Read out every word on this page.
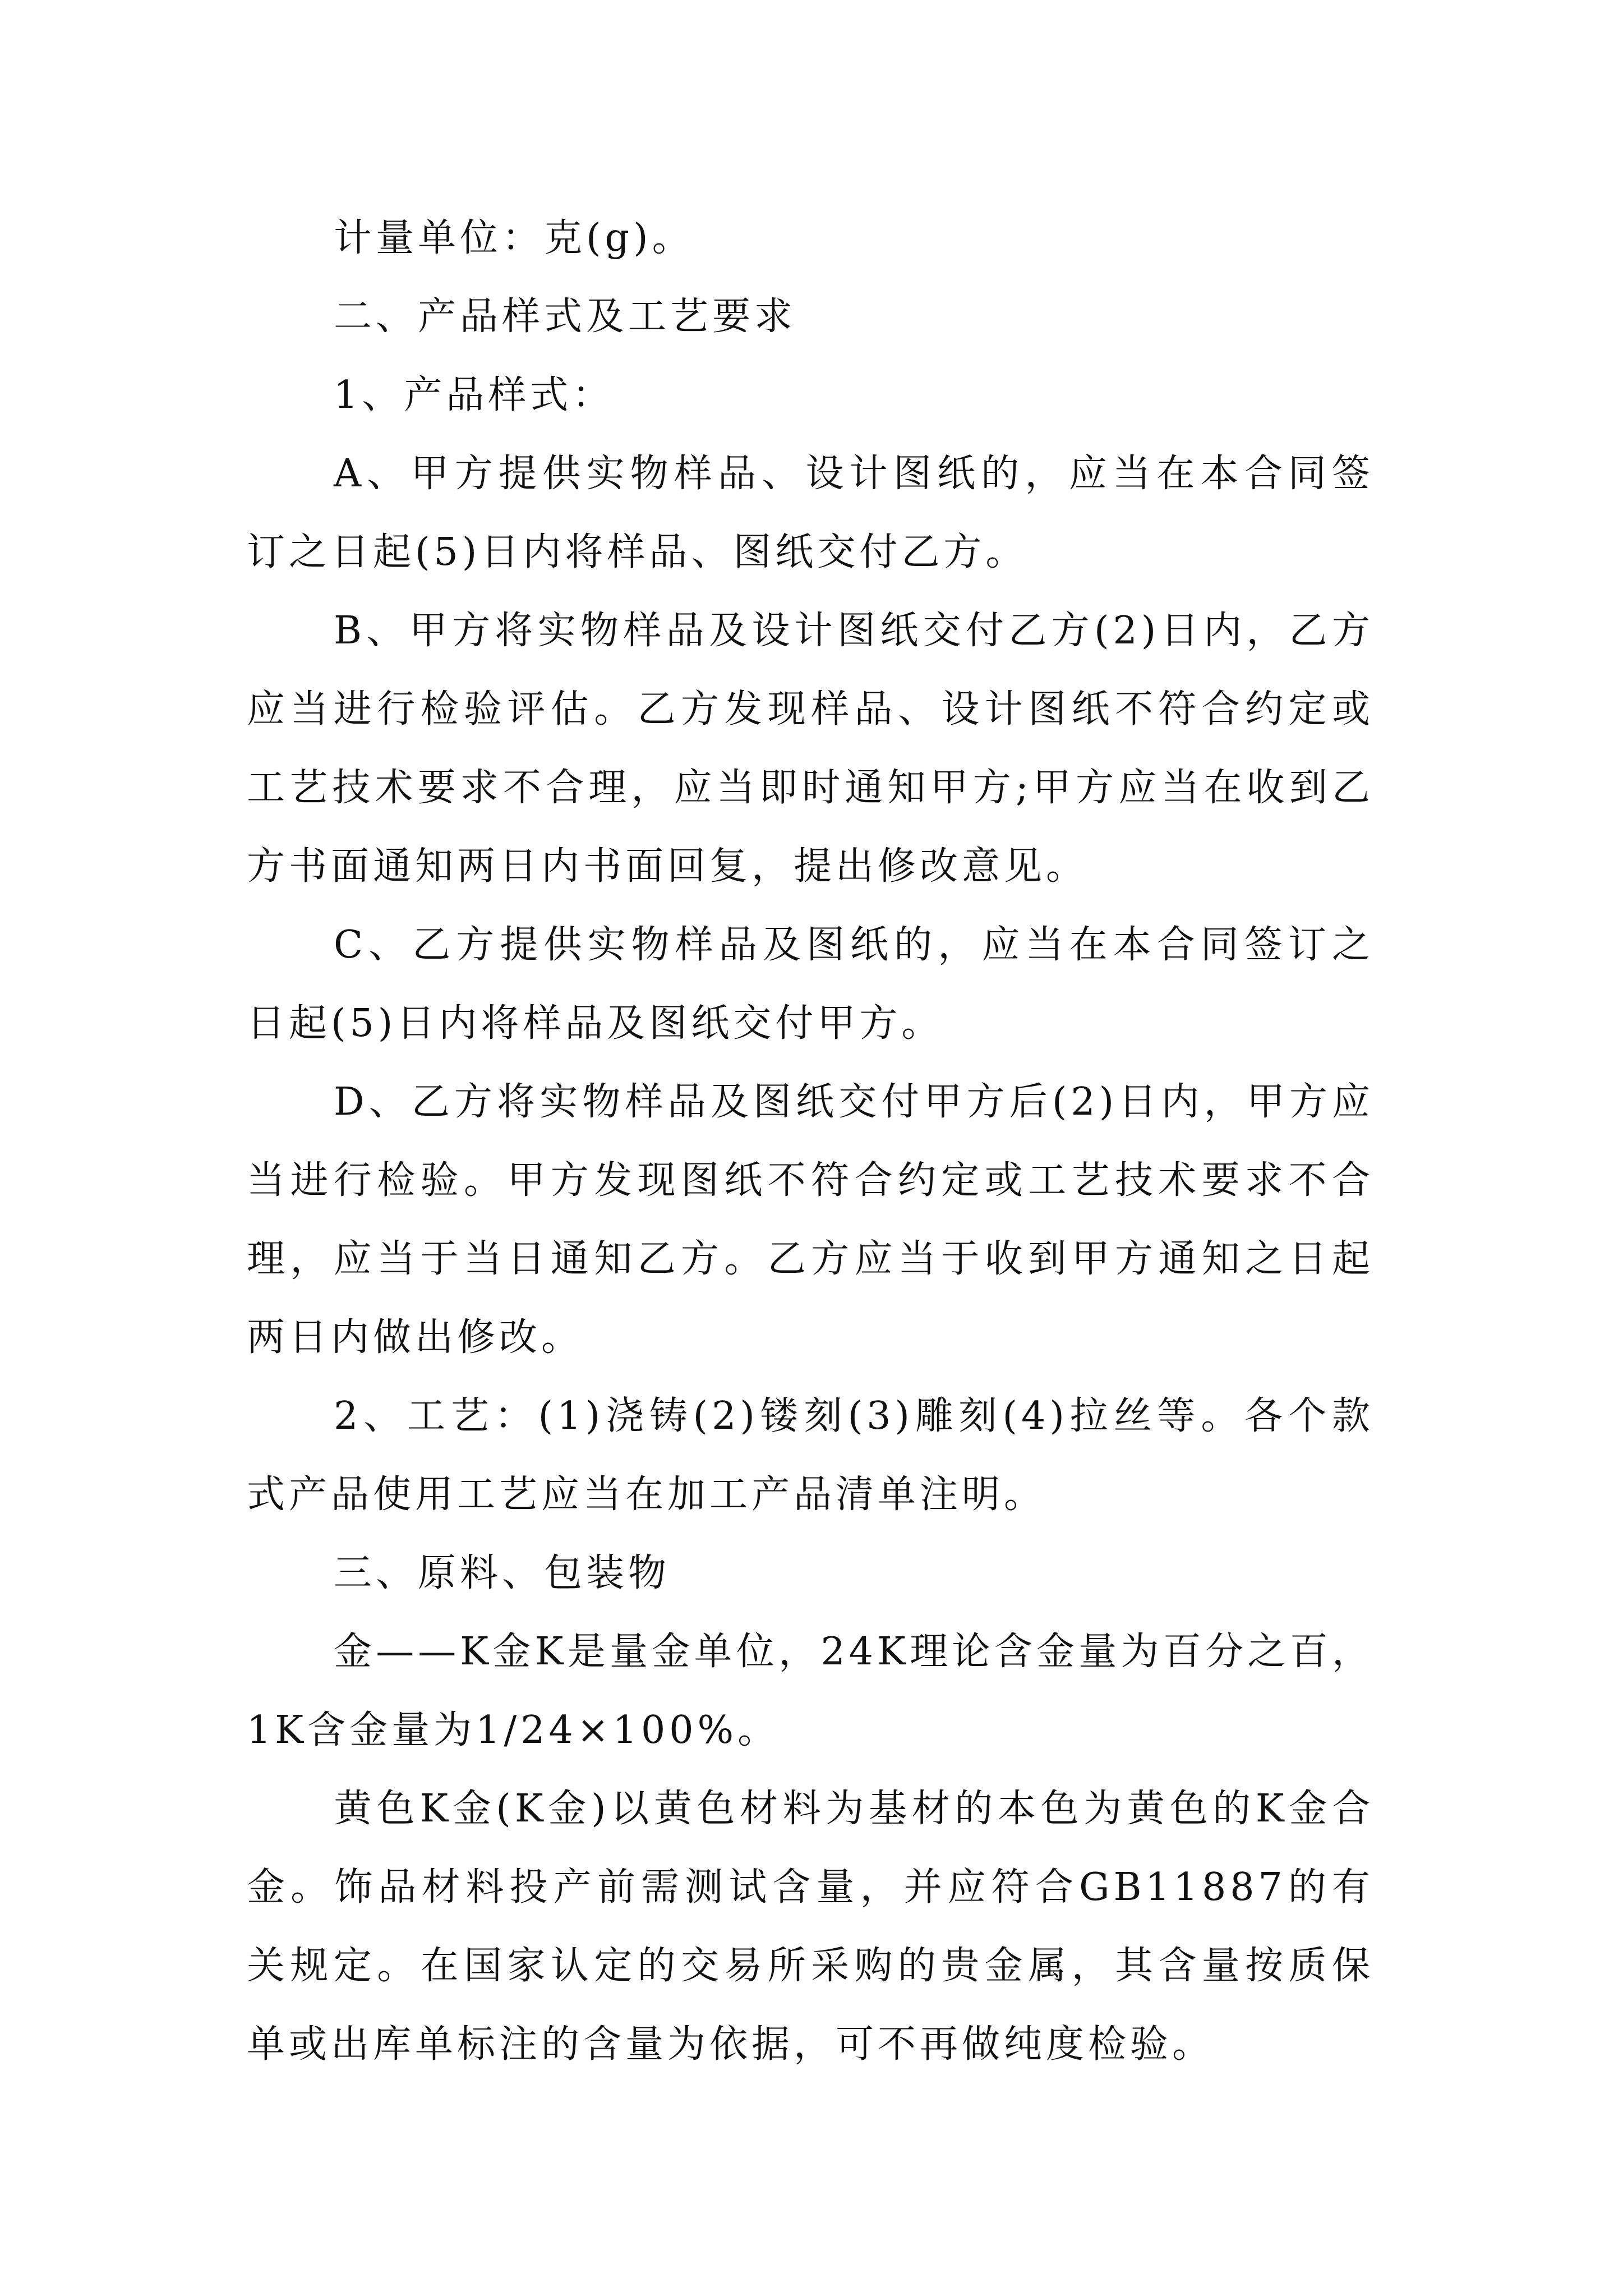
计量单位：克(g)。

二、产品样式及工艺要求

1、产品样式：

A、甲方提供实物样品、设计图纸的，应当在本合同签订之日起(5)日内将样品、图纸交付乙方。

B、甲方将实物样品及设计图纸交付乙方(2)日内，乙方应当进行检验评估。乙方发现样品、设计图纸不符合约定或工艺技术要求不合理，应当即时通知甲方;甲方应当在收到乙方书面通知两日内书面回复，提出修改意见。

C、乙方提供实物样品及图纸的，应当在本合同签订之日起(5)日内将样品及图纸交付甲方。

D、乙方将实物样品及图纸交付甲方后(2)日内，甲方应当进行检验。甲方发现图纸不符合约定或工艺技术要求不合理，应当于当日通知乙方。乙方应当于收到甲方通知之日起两日内做出修改。

2、工艺：(1)浇铸(2)镂刻(3)雕刻(4)拉丝等。各个款式产品使用工艺应当在加工产品清单注明。

三、原料、包装物

金——K金K是量金单位，24K理论含金量为百分之百，1K含金量为1/24×100%。

黄色K金(K金)以黄色材料为基材的本色为黄色的K金合金。饰品材料投产前需测试含量，并应符合GB11887的有关规定。在国家认定的交易所采购的贵金属，其含量按质保单或出库单标注的含量为依据，可不再做纯度检验。
